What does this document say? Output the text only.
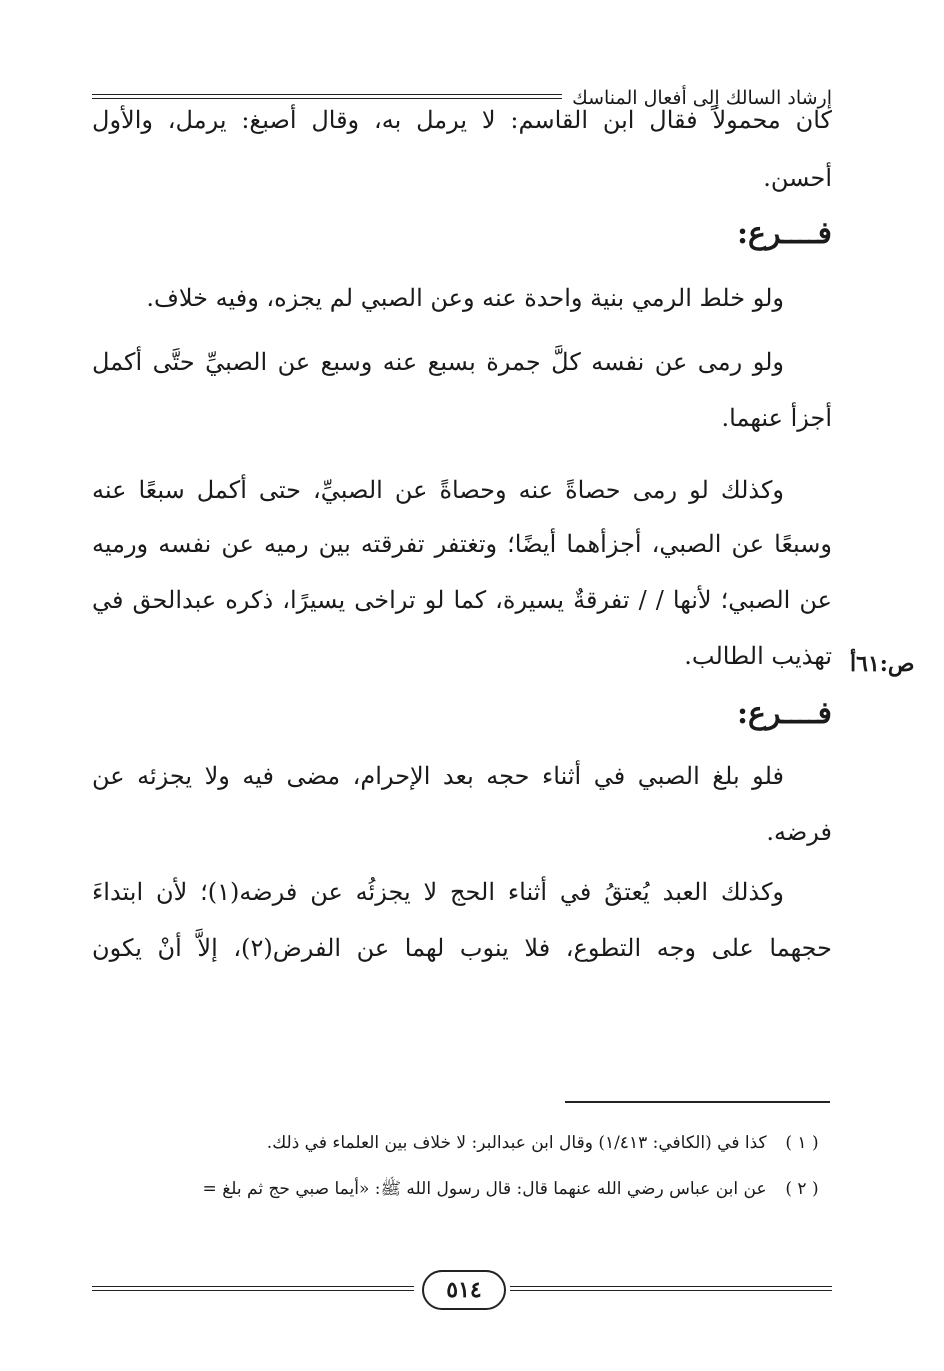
إرشاد السالك إلى أفعال المناسك
كان محمولاً فقال ابن القاسم: لا يرمل به، وقال أصبغ: يرمل، والأول
أحسن.
فــــرع:
ولو خلط الرمي بنية واحدة عنه وعن الصبي لم يجزه، وفيه خلاف.
ولو رمى عن نفسه كلَّ جمرة بسبع عنه وسبع عن الصبيِّ حتَّى أكمل
أجزأ عنهما.
وكذلك لو رمى حصاةً عنه وحصاةً عن الصبيِّ، حتى أكمل سبعًا عنه
وسبعًا عن الصبي، أجزأهما أيضًا؛ وتغتفر تفرقته بين رميه عن نفسه ورميه
عن الصبي؛ لأنها / / تفرقةٌ يسيرة، كما لو تراخى يسيرًا، ذكره عبدالحق في
تهذيب الطالب.
فــــرع:
فلو بلغ الصبي في أثناء حجه بعد الإحرام، مضى فيه ولا يجزئه عن
فرضه.
وكذلك العبد يُعتقُ في أثناء الحج لا يجزئُه عن فرضه(١)؛ لأن ابتداءَ
حجهما على وجه التطوع، فلا ينوب لهما عن الفرض(٢)، إلاَّ أنْ يكون
ص:٦١أ
( ١ ) كذا في (الكافي: ١/٤١٣) وقال ابن عبدالبر: لا خلاف بين العلماء في ذلك.
( ٢ ) عن ابن عباس رضي الله عنهما قال: قال رسول الله ﷺ: «أيما صبي حج ثم بلغ =
٥١٤
